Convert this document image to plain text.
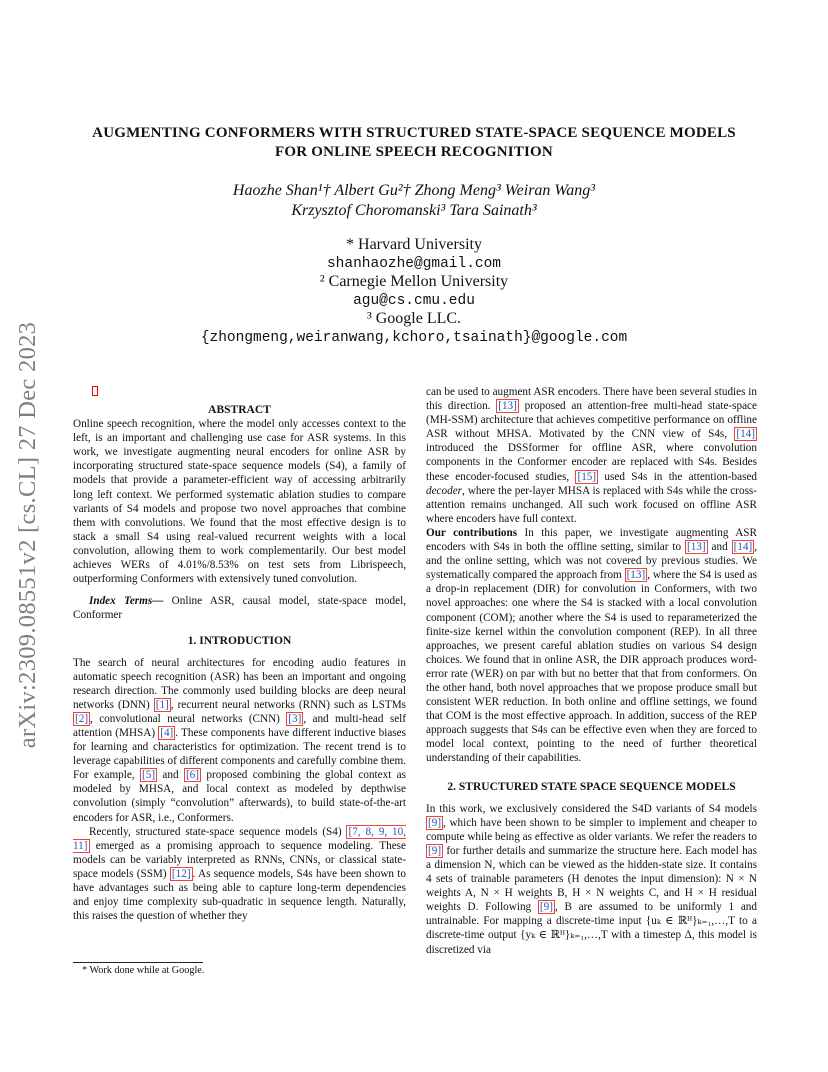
arXiv:2309.08551v2 [cs.CL] 27 Dec 2023
AUGMENTING CONFORMERS WITH STRUCTURED STATE-SPACE SEQUENCE MODELS
FOR ONLINE SPEECH RECOGNITION
Haozhe Shan¹† Albert Gu²† Zhong Meng³ Weiran Wang³
Krzysztof Choromanski³ Tara Sainath³
* Harvard University
shanhaozhe@gmail.com
² Carnegie Mellon University
agu@cs.cmu.edu
³ Google LLC.
{zhongmeng,weiranwang,kchoro,tsainath}@google.com

ABSTRACT

Online speech recognition, where the model only accesses context to the left, is an important and challenging use case for ASR systems. In this work, we investigate augmenting neural encoders for online ASR by incorporating structured state-space sequence models (S4), a family of models that provide a parameter-efficient way of accessing arbitrarily long left context. We performed systematic ablation studies to compare variants of S4 models and propose two novel approaches that combine them with convolutions. We found that the most effective design is to stack a small S4 using real-valued recurrent weights with a local convolution, allowing them to work complementarily. Our best model achieves WERs of 4.01%/8.53% on test sets from Librispeech, outperforming Conformers with extensively tuned convolution.

Index Terms— Online ASR, causal model, state-space model, Conformer

1. INTRODUCTION

The search of neural architectures for encoding audio features in automatic speech recognition (ASR) has been an important and ongoing research direction. The commonly used building blocks are deep neural networks (DNN) [1] , recurrent neural networks (RNN) such as LSTMs [2] , convolutional neural networks (CNN) [3] , and multi-head self attention (MHSA) [4] . These components have different inductive biases for learning and characteristics for optimization. The recent trend is to leverage capabilities of different components and carefully combine them. For example, [5] and [6] proposed combining the global context as modeled by MHSA, and local context as modeled by depthwise convolution (simply “convolution” afterwards), to build state-of-the-art encoders for ASR, i.e., Conformers.

Recently, structured state-space sequence models (S4) [7, 8, 9, 10, 11] emerged as a promising approach to sequence modeling. These models can be variably interpreted as RNNs, CNNs, or classical state-space models (SSM) [12] . As sequence models, S4s have been shown to have advantages such as being able to capture long-term dependencies and enjoy time complexity sub-quadratic in sequence length. Naturally, this raises the question of whether they

can be used to augment ASR encoders. There have been several studies in this direction. [13] proposed an attention-free multi-head state-space (MH-SSM) architecture that achieves competitive performance on offline ASR without MHSA. Motivated by the CNN view of S4s, [14] introduced the DSSformer for offline ASR, where convolution components in the Conformer encoder are replaced with S4s. Besides these encoder-focused studies, [15] used S4s in the attention-based decoder, where the per-layer MHSA is replaced with S4s while the cross-attention remains unchanged. All such work focused on offline ASR where encoders have full context.

Our contributions In this paper, we investigate augmenting ASR encoders with S4s in both the offline setting, similar to [13] and [14] , and the online setting, which was not covered by previous studies. We systematically compared the approach from [13] , where the S4 is used as a drop-in replacement (DIR) for convolution in Conformers, with two novel approaches: one where the S4 is stacked with a local convolution component (COM); another where the S4 is used to reparameterized the finite-size kernel within the convolution component (REP). In all three approaches, we present careful ablation studies on various S4 design choices. We found that in online ASR, the DIR approach produces word-error rate (WER) on par with but no better that that from conformers. On the other hand, both novel approaches that we propose produce small but consistent WER reduction. In both online and offline settings, we found that COM is the most effective approach. In addition, success of the REP approach suggests that S4s can be effective even when they are forced to model local context, pointing to the need of further theoretical understanding of their capabilities.

2. STRUCTURED STATE SPACE SEQUENCE MODELS

In this work, we exclusively considered the S4D variants of S4 models [9] , which have been shown to be simpler to implement and cheaper to compute while being as effective as older variants. We refer the readers to [9] for further details and summarize the structure here. Each model has a dimension N, which can be viewed as the hidden-state size. It contains 4 sets of trainable parameters (H denotes the input dimension): N × N weights A, N × H weights B, H × N weights C, and H × H residual weights D. Following [9] , B are assumed to be uniformly 1 and untrainable. For mapping a discrete-time input {uₖ ∈ ℝᴴ}ₖ₌₁,…,T to a discrete-time output {yₖ ∈ ℝᴴ}ₖ₌₁,…,T with a timestep Δ, this model is discretized via

* Work done while at Google.
